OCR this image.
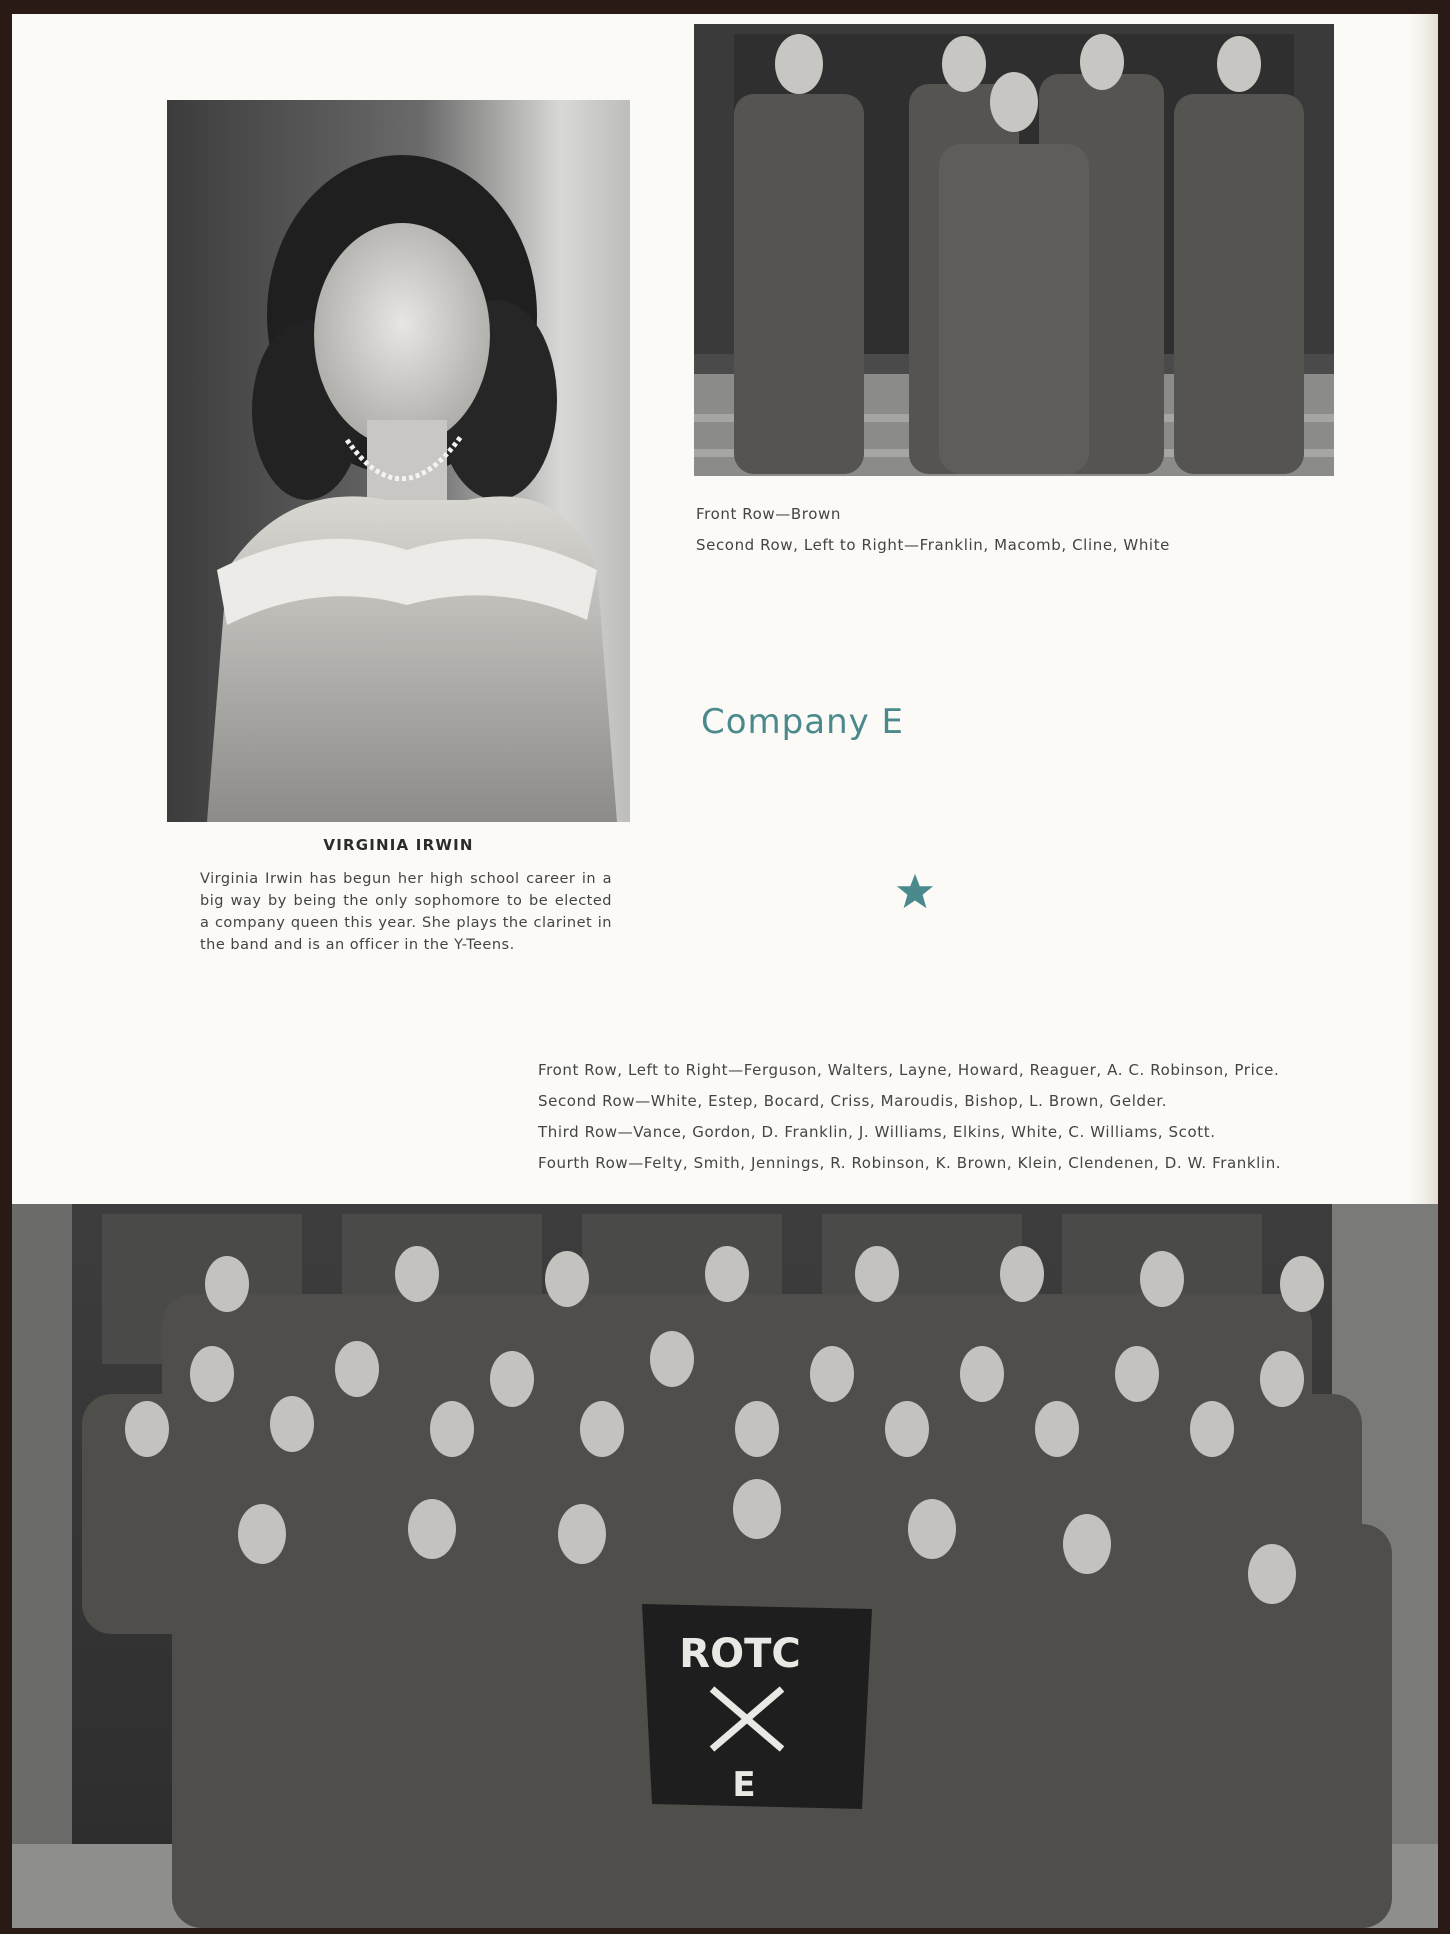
Front Row—Brown
Second Row, Left to Right—Franklin, Macomb, Cline, White
Company E
VIRGINIA IRWIN
Virginia Irwin has begun her high school career in a big way by being the only sophomore to be elected a company queen this year. She plays the clarinet in the band and is an officer in the Y-Teens.
Front Row, Left to Right—Ferguson, Walters, Layne, Howard, Reaguer, A. C. Robinson, Price.
Second Row—White, Estep, Bocard, Criss, Maroudis, Bishop, L. Brown, Gelder.
Third Row—Vance, Gordon, D. Franklin, J. Williams, Elkins, White, C. Williams, Scott.
Fourth Row—Felty, Smith, Jennings, R. Robinson, K. Brown, Klein, Clendenen, D. W. Franklin.
ROTC
E
